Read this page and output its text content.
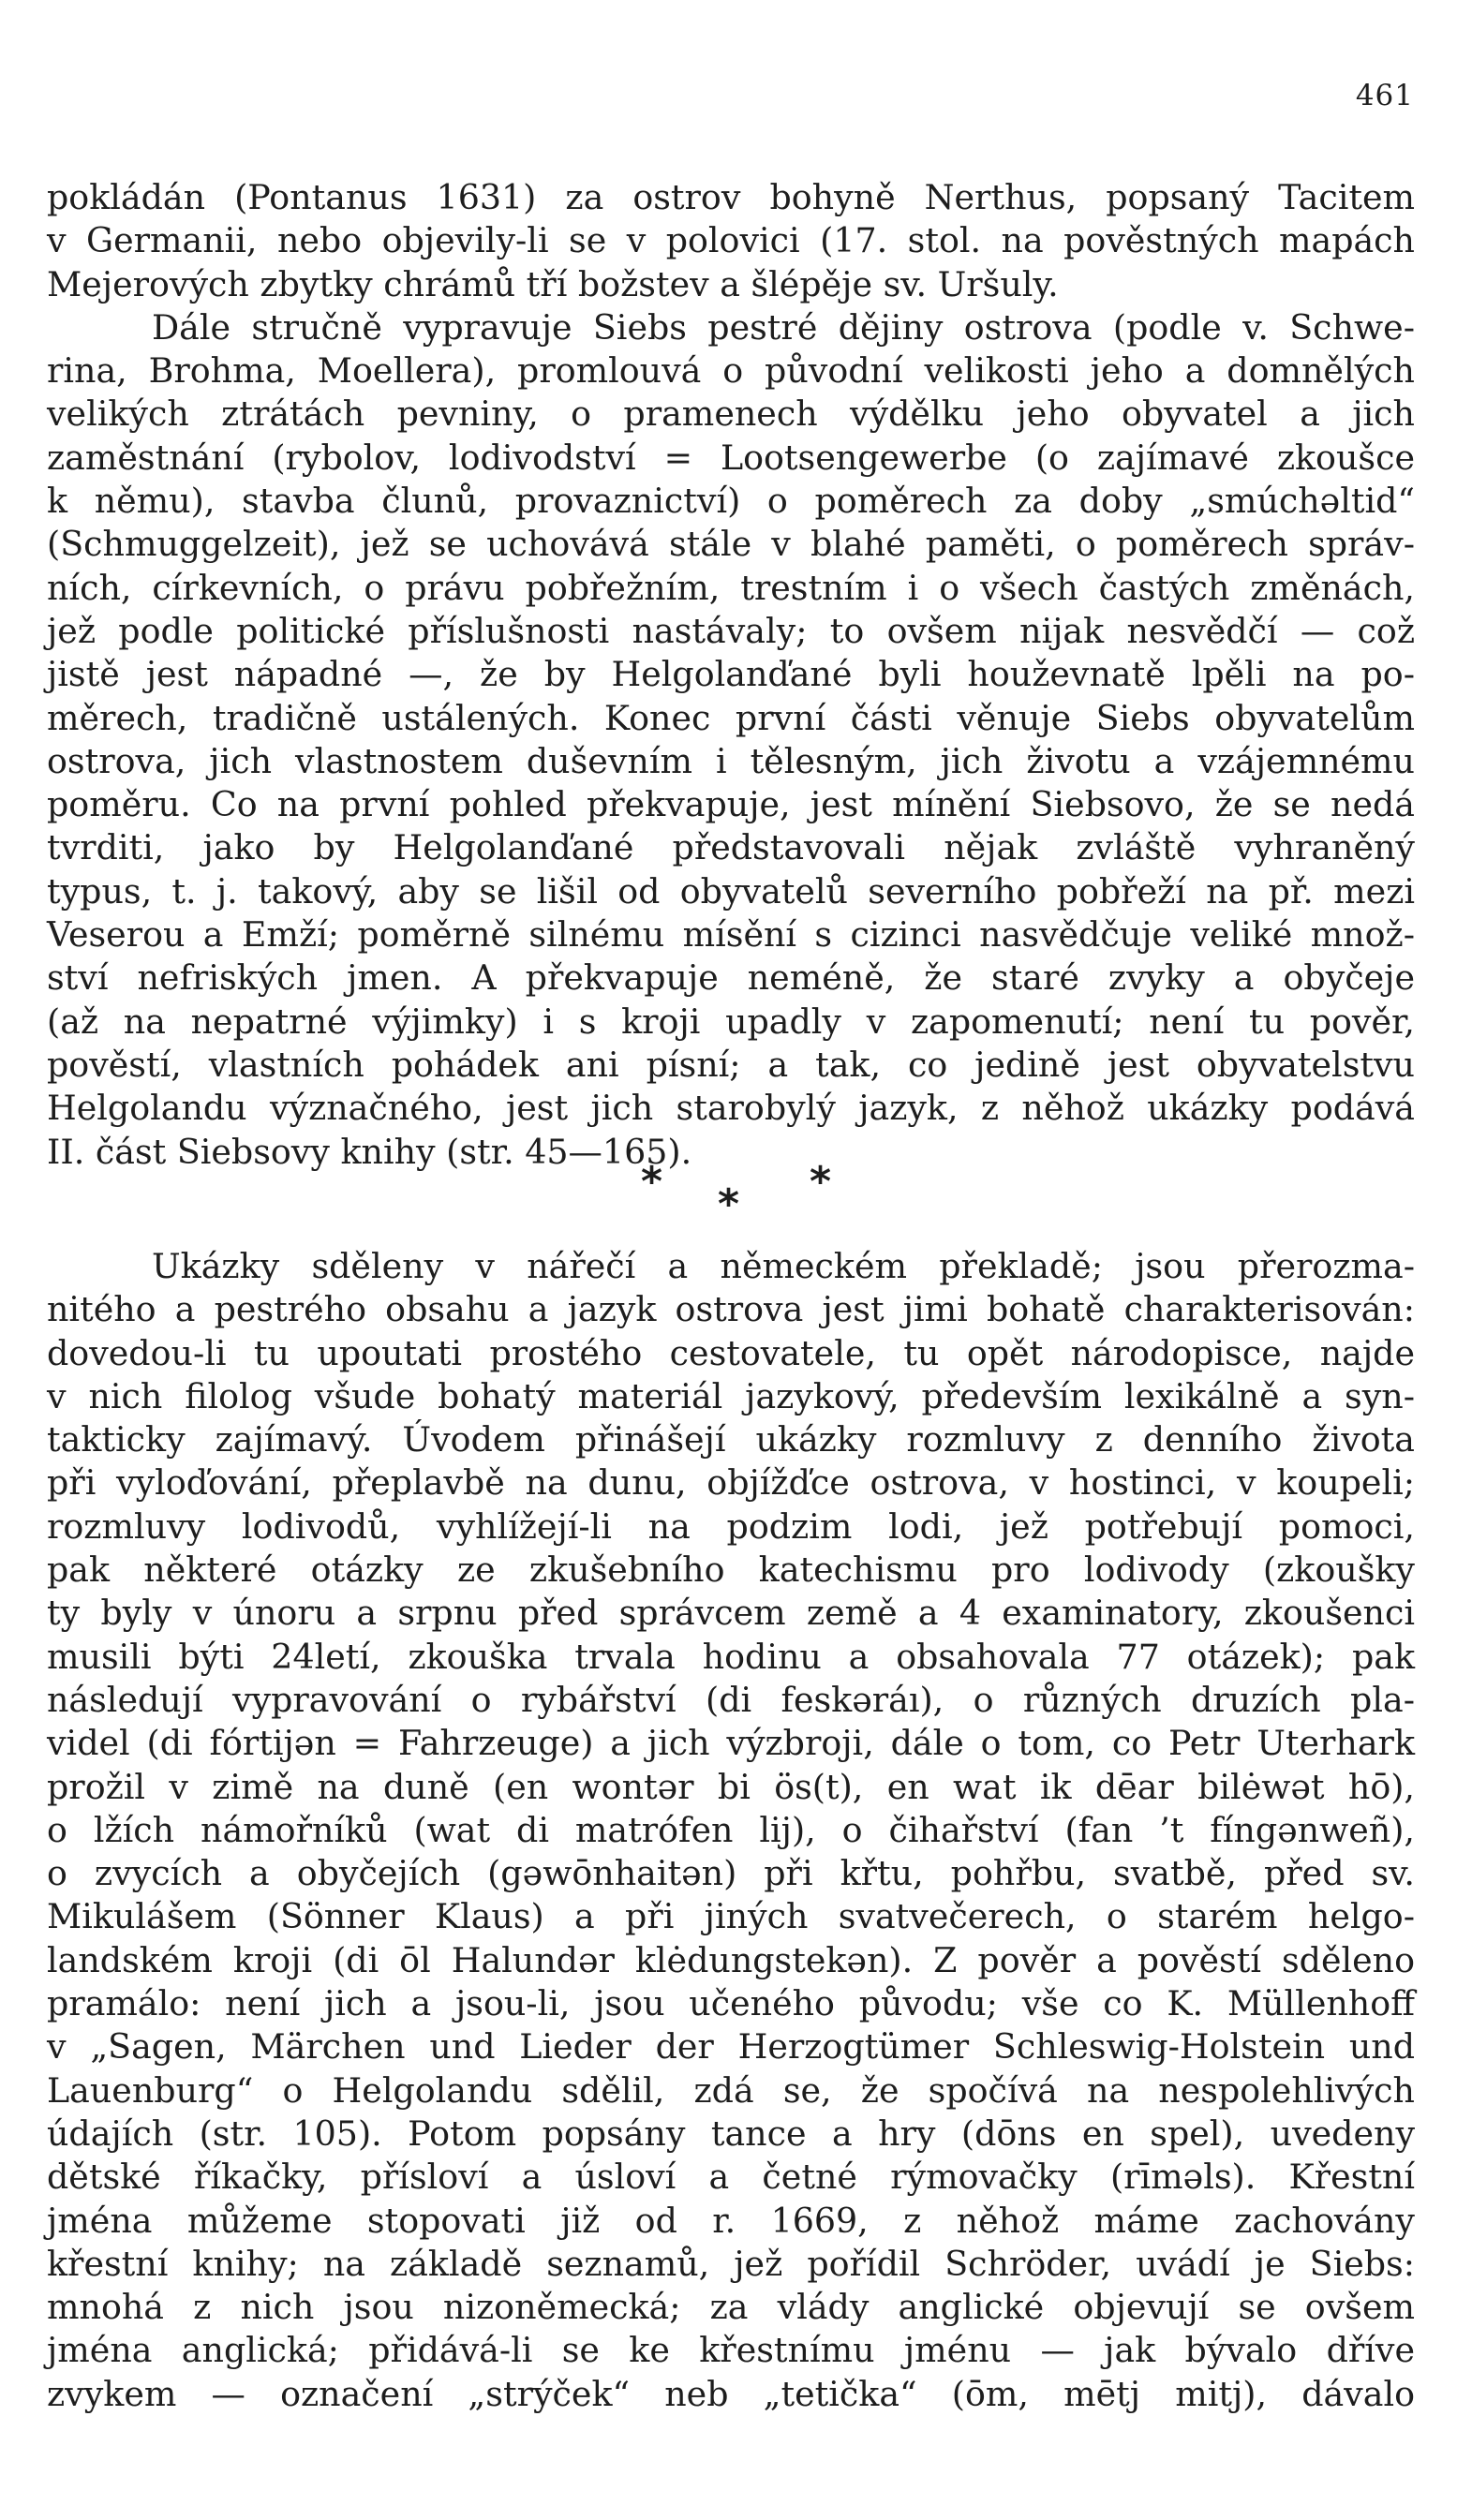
461
pokládán (Pontanus 1631) za ostrov bohyně Nerthus, popsaný Tacitem
v Germanii, nebo objevily-li se v polovici (17. stol. na pověstných mapách
Mejerových zbytky chrámů tří božstev a šlépěje sv. Uršuly.
Dále stručně vypravuje Siebs pestré dějiny ostrova (podle v. Schwe-
rina, Brohma, Moellera), promlouvá o původní velikosti jeho a domnělých
velikých ztrátách pevniny, o pramenech výdělku jeho obyvatel a jich
zaměstnání (rybolov, lodivodství = Lootsengewerbe (o zajímavé zkoušce
k němu), stavba člunů, provaznictví) o poměrech za doby „smúchəltid“
(Schmuggelzeit), jež se uchovává stále v blahé paměti, o poměrech správ-
ních, církevních, o právu pobřežním, trestním i o všech častých změnách,
jež podle politické příslušnosti nastávaly; to ovšem nijak nesvědčí — což
jistě jest nápadné —, že by Helgolanďané byli houževnatě lpěli na po-
měrech, tradičně ustálených. Konec první části věnuje Siebs obyvatelům
ostrova, jich vlastnostem duševním i tělesným, jich životu a vzájemnému
poměru. Co na první pohled překvapuje, jest mínění Siebsovo, že se nedá
tvrditi, jako by Helgolanďané představovali nějak zvláště vyhraněný
typus, t. j. takový, aby se lišil od obyvatelů severního pobřeží na př. mezi
Veserou a Emží; poměrně silnému mísění s cizinci nasvědčuje veliké množ-
ství nefriských jmen. A překvapuje neméně, že staré zvyky a obyčeje
(až na nepatrné výjimky) i s kroji upadly v zapomenutí; není tu pověr,
pověstí, vlastních pohádek ani písní; a tak, co jedině jest obyvatelstvu
Helgolandu význačného, jest jich starobylý jazyk, z něhož ukázky podává
II. část Siebsovy knihy (str. 45—165).
* * *
Ukázky sděleny v nářečí a německém překladě; jsou přerozma-
nitého a pestrého obsahu a jazyk ostrova jest jimi bohatě charakterisován:
dovedou-li tu upoutati prostého cestovatele, tu opět národopisce, najde
v nich filolog všude bohatý materiál jazykový, především lexikálně a syn-
takticky zajímavý. Úvodem přinášejí ukázky rozmluvy z denního života
při vyloďování, přeplavbě na dunu, objížďce ostrova, v hostinci, v koupeli;
rozmluvy lodivodů, vyhlížejí-li na podzim lodi, jež potřebují pomoci,
pak některé otázky ze zkušebního katechismu pro lodivody (zkoušky
ty byly v únoru a srpnu před správcem země a 4 examinatory, zkoušenci
musili býti 24letí, zkouška trvala hodinu a obsahovala 77 otázek); pak
následují vypravování o rybářství (di feskəráı), o různých druzích pla-
videl (di fórtijən = Fahrzeuge) a jich výzbroji, dále o tom, co Petr Uterhark
prožil v zimě na duně (en wontər bi ös(t), en wat ik dēar bilėwət hō),
o lžích námořníků (wat di matrófen lij), o čihařství (fan ’t fíngənweñ),
o zvycích a obyčejích (gəwōnhaitən) při křtu, pohřbu, svatbě, před sv.
Mikulášem (Sönner Klaus) a při jiných svatvečerech, o starém helgo-
landském kroji (di ōl Halundər klėdungstekən). Z pověr a pověstí sděleno
pramálo: není jich a jsou-li, jsou učeného původu; vše co K. Müllenhoff
v „Sagen, Märchen und Lieder der Herzogtümer Schleswig-Holstein und
Lauenburg“ o Helgolandu sdělil, zdá se, že spočívá na nespolehlivých
údajích (str. 105). Potom popsány tance a hry (dōns en spel), uvedeny
dětské říkačky, přísloví a úsloví a četné rýmovačky (rīməls). Křestní
jména můžeme stopovati již od r. 1669, z něhož máme zachovány
křestní knihy; na základě seznamů, jež pořídil Schröder, uvádí je Siebs:
mnohá z nich jsou nizoněmecká; za vlády anglické objevují se ovšem
jména anglická; přidává-li se ke křestnímu jménu — jak bývalo dříve
zvykem — označení „strýček“ neb „tetička“ (ōm, mētj mitj), dávalo
